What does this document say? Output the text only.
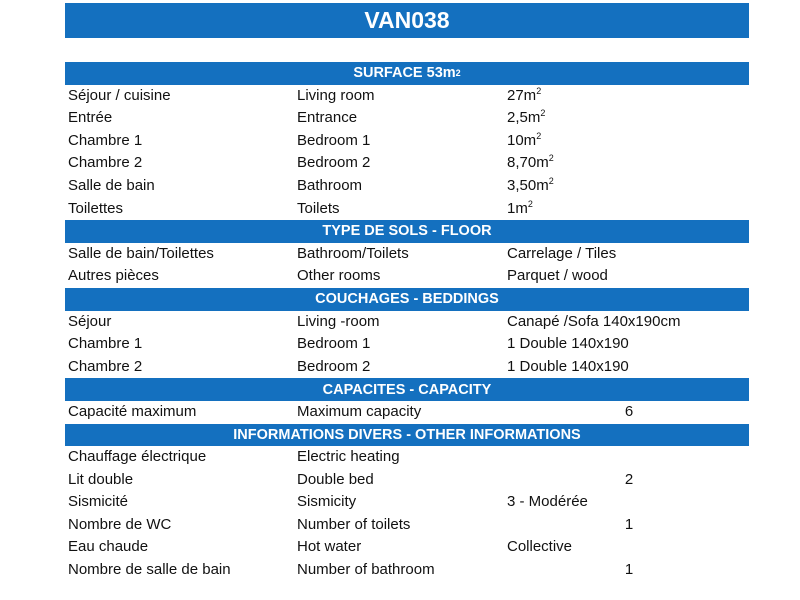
VAN038
SURFACE 53m 2
Séjour / cuisine	Living room	$27m^2$
Entrée	Entrance	$2,5m^2$
Chambre 1	Bedroom 1	$10m^2$
Chambre 2	Bedroom 2	$8,70m^2$
Salle de bain	Bathroom	$3,50m^2$
Toilettes	Toilets	$1m^2$
TYPE DE SOLS - FLOOR
Salle de bain/Toilettes	Bathroom/Toilets	Carrelage / Tiles
Autres pièces	Other rooms	Parquet / wood
COUCHAGES - BEDDINGS
Séjour	Living -room	Canapé /Sofa 140x190cm
Chambre 1	Bedroom 1	1 Double 140x190
Chambre 2	Bedroom 2	1 Double 140x190
CAPACITES - CAPACITY
Capacité maximum	Maximum capacity	6
INFORMATIONS DIVERS - OTHER INFORMATIONS
Chauffage électrique	Electric heating
Lit double	Double bed	2
Sismicité	Sismicity	3 - Modérée
Nombre de WC	Number of toilets	1
Eau chaude	Hot water	Collective
Nombre de salle de bain	Number of bathroom	1
